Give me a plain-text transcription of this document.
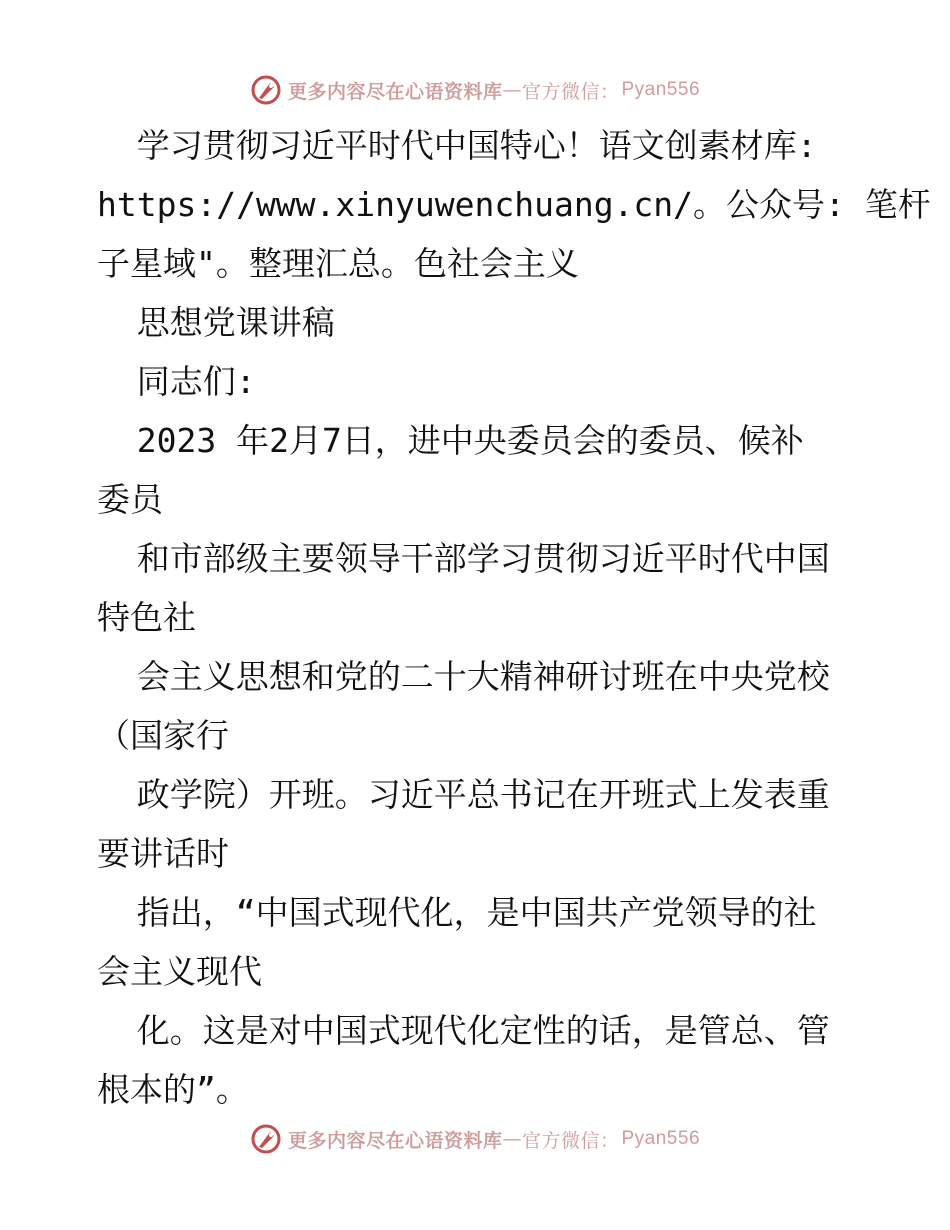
更多内容尽在心语资料库 — 官方微信： Pyan556
学习贯彻习近平时代中国特心！语文创素材库:
https://www.xinyuwenchuang.cn/。公众号: 笔杆
子星域"。整理汇总。色社会主义
思想党课讲稿
同志们:
2023 年2月7日，进中央委员会的委员、候补
委员
和市部级主要领导干部学习贯彻习近平时代中国
特色社
会主义思想和党的二十大精神研讨班在中央党校
（国家行
政学院）开班。习近平总书记在开班式上发表重
要讲话时
指出，“中国式现代化，是中国共产党领导的社
会主义现代
化。这是对中国式现代化定性的话，是管总、管
根本的”。
更多内容尽在心语资料库 — 官方微信： Pyan556
